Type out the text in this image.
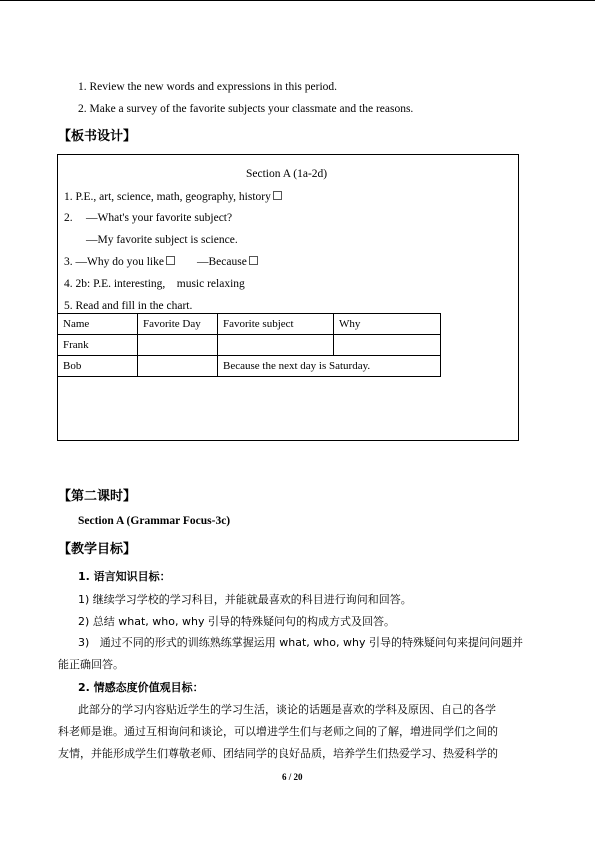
1. Review the new words and expressions in this period.
2. Make a survey of the favorite subjects your classmate and the reasons.
【板书设计】
Section A (1a-2d)
1. P.E., art, science, math, geography, history
2. —What's your favorite subject?
—My favorite subject is science.
3. —Why do you like	—Because
4. 2b: P.E. interesting,    music relaxing
5. Read and fill in the chart.
Name	Favorite Day	Favorite subject	Why
Frank			
Bob		Because the next day is Saturday.	
【第二课时】
Section A (Grammar Focus-3c)
【教学目标】
1. 语言知识目标：
1) 继续学习学校的学习科目，并能就最喜欢的科目进行询问和回答。
2) 总结 what, who, why 引导的特殊疑问句的构成方式及回答。
3)   通过不同的形式的训练熟练掌握运用 what, who, why 引导的特殊疑问句来提问问题并
能正确回答。
2. 情感态度价值观目标：
此部分的学习内容贴近学生的学习生活，谈论的话题是喜欢的学科及原因、自己的各学
科老师是谁。通过互相询问和谈论，可以增进学生们与老师之间的了解，增进同学们之间的
友情，并能形成学生们尊敬老师、团结同学的良好品质，培养学生们热爱学习、热爱科学的
6 / 20
